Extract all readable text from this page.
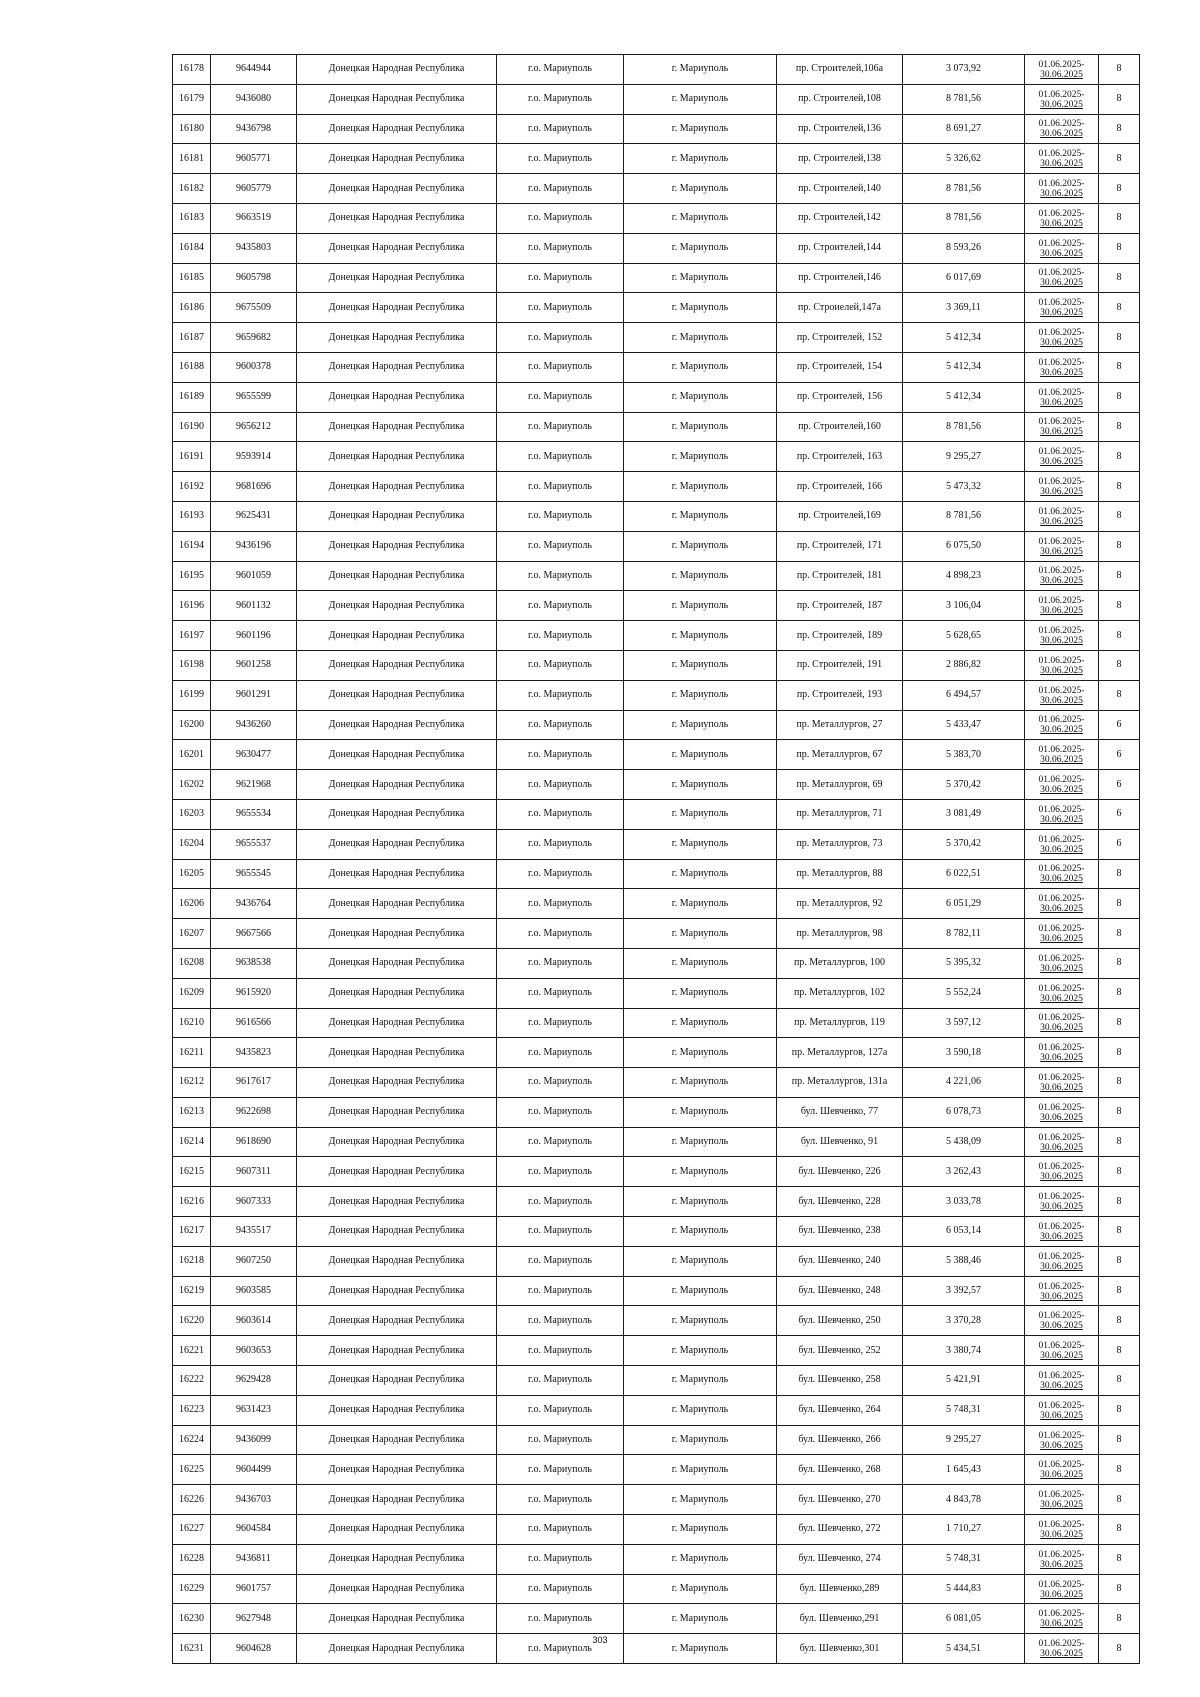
16178	9644944	Донецкая Народная Республика	г.о. Мариуполь	г. Мариуполь	пр. Строителей,106а	3 073,92	01.06.2025-
30.06.2025	8
16179	9436080	Донецкая Народная Республика	г.о. Мариуполь	г. Мариуполь	пр. Строителей,108	8 781,56	01.06.2025-
30.06.2025	8
16180	9436798	Донецкая Народная Республика	г.о. Мариуполь	г. Мариуполь	пр. Строителей,136	8 691,27	01.06.2025-
30.06.2025	8
16181	9605771	Донецкая Народная Республика	г.о. Мариуполь	г. Мариуполь	пр. Строителей,138	5 326,62	01.06.2025-
30.06.2025	8
16182	9605779	Донецкая Народная Республика	г.о. Мариуполь	г. Мариуполь	пр. Строителей,140	8 781,56	01.06.2025-
30.06.2025	8
16183	9663519	Донецкая Народная Республика	г.о. Мариуполь	г. Мариуполь	пр. Строителей,142	8 781,56	01.06.2025-
30.06.2025	8
16184	9435803	Донецкая Народная Республика	г.о. Мариуполь	г. Мариуполь	пр. Строителей,144	8 593,26	01.06.2025-
30.06.2025	8
16185	9605798	Донецкая Народная Республика	г.о. Мариуполь	г. Мариуполь	пр. Строителей,146	6 017,69	01.06.2025-
30.06.2025	8
16186	9675509	Донецкая Народная Республика	г.о. Мариуполь	г. Мариуполь	пр. Строиелей,147а	3 369,11	01.06.2025-
30.06.2025	8
16187	9659682	Донецкая Народная Республика	г.о. Мариуполь	г. Мариуполь	пр. Строителей, 152	5 412,34	01.06.2025-
30.06.2025	8
16188	9600378	Донецкая Народная Республика	г.о. Мариуполь	г. Мариуполь	пр. Строителей, 154	5 412,34	01.06.2025-
30.06.2025	8
16189	9655599	Донецкая Народная Республика	г.о. Мариуполь	г. Мариуполь	пр. Строителей, 156	5 412,34	01.06.2025-
30.06.2025	8
16190	9656212	Донецкая Народная Республика	г.о. Мариуполь	г. Мариуполь	пр. Строителей,160	8 781,56	01.06.2025-
30.06.2025	8
16191	9593914	Донецкая Народная Республика	г.о. Мариуполь	г. Мариуполь	пр. Строителей, 163	9 295,27	01.06.2025-
30.06.2025	8
16192	9681696	Донецкая Народная Республика	г.о. Мариуполь	г. Мариуполь	пр. Строителей, 166	5 473,32	01.06.2025-
30.06.2025	8
16193	9625431	Донецкая Народная Республика	г.о. Мариуполь	г. Мариуполь	пр. Строителей,169	8 781,56	01.06.2025-
30.06.2025	8
16194	9436196	Донецкая Народная Республика	г.о. Мариуполь	г. Мариуполь	пр. Строителей, 171	6 075,50	01.06.2025-
30.06.2025	8
16195	9601059	Донецкая Народная Республика	г.о. Мариуполь	г. Мариуполь	пр. Строителей, 181	4 898,23	01.06.2025-
30.06.2025	8
16196	9601132	Донецкая Народная Республика	г.о. Мариуполь	г. Мариуполь	пр. Строителей, 187	3 106,04	01.06.2025-
30.06.2025	8
16197	9601196	Донецкая Народная Республика	г.о. Мариуполь	г. Мариуполь	пр. Строителей, 189	5 628,65	01.06.2025-
30.06.2025	8
16198	9601258	Донецкая Народная Республика	г.о. Мариуполь	г. Мариуполь	пр. Строителей, 191	2 886,82	01.06.2025-
30.06.2025	8
16199	9601291	Донецкая Народная Республика	г.о. Мариуполь	г. Мариуполь	пр. Строителей, 193	6 494,57	01.06.2025-
30.06.2025	8
16200	9436260	Донецкая Народная Республика	г.о. Мариуполь	г. Мариуполь	пр. Металлургов, 27	5 433,47	01.06.2025-
30.06.2025	6
16201	9630477	Донецкая Народная Республика	г.о. Мариуполь	г. Мариуполь	пр. Металлургов, 67	5 383,70	01.06.2025-
30.06.2025	6
16202	9621968	Донецкая Народная Республика	г.о. Мариуполь	г. Мариуполь	пр. Металлургов, 69	5 370,42	01.06.2025-
30.06.2025	6
16203	9655534	Донецкая Народная Республика	г.о. Мариуполь	г. Мариуполь	пр. Металлургов, 71	3 081,49	01.06.2025-
30.06.2025	6
16204	9655537	Донецкая Народная Республика	г.о. Мариуполь	г. Мариуполь	пр. Металлургов, 73	5 370,42	01.06.2025-
30.06.2025	6
16205	9655545	Донецкая Народная Республика	г.о. Мариуполь	г. Мариуполь	пр. Металлургов, 88	6 022,51	01.06.2025-
30.06.2025	8
16206	9436764	Донецкая Народная Республика	г.о. Мариуполь	г. Мариуполь	пр. Металлургов, 92	6 051,29	01.06.2025-
30.06.2025	8
16207	9667566	Донецкая Народная Республика	г.о. Мариуполь	г. Мариуполь	пр. Металлургов, 98	8 782,11	01.06.2025-
30.06.2025	8
16208	9638538	Донецкая Народная Республика	г.о. Мариуполь	г. Мариуполь	пр. Металлургов, 100	5 395,32	01.06.2025-
30.06.2025	8
16209	9615920	Донецкая Народная Республика	г.о. Мариуполь	г. Мариуполь	пр. Металлургов, 102	5 552,24	01.06.2025-
30.06.2025	8
16210	9616566	Донецкая Народная Республика	г.о. Мариуполь	г. Мариуполь	пр. Металлургов, 119	3 597,12	01.06.2025-
30.06.2025	8
16211	9435823	Донецкая Народная Республика	г.о. Мариуполь	г. Мариуполь	пр. Металлургов, 127а	3 590,18	01.06.2025-
30.06.2025	8
16212	9617617	Донецкая Народная Республика	г.о. Мариуполь	г. Мариуполь	пр. Металлургов, 131а	4 221,06	01.06.2025-
30.06.2025	8
16213	9622698	Донецкая Народная Республика	г.о. Мариуполь	г. Мариуполь	бул. Шевченко, 77	6 078,73	01.06.2025-
30.06.2025	8
16214	9618690	Донецкая Народная Республика	г.о. Мариуполь	г. Мариуполь	бул. Шевченко, 91	5 438,09	01.06.2025-
30.06.2025	8
16215	9607311	Донецкая Народная Республика	г.о. Мариуполь	г. Мариуполь	бул. Шевченко, 226	3 262,43	01.06.2025-
30.06.2025	8
16216	9607333	Донецкая Народная Республика	г.о. Мариуполь	г. Мариуполь	бул. Шевченко, 228	3 033,78	01.06.2025-
30.06.2025	8
16217	9435517	Донецкая Народная Республика	г.о. Мариуполь	г. Мариуполь	бул. Шевченко, 238	6 053,14	01.06.2025-
30.06.2025	8
16218	9607250	Донецкая Народная Республика	г.о. Мариуполь	г. Мариуполь	бул. Шевченко, 240	5 388,46	01.06.2025-
30.06.2025	8
16219	9603585	Донецкая Народная Республика	г.о. Мариуполь	г. Мариуполь	бул. Шевченко, 248	3 392,57	01.06.2025-
30.06.2025	8
16220	9603614	Донецкая Народная Республика	г.о. Мариуполь	г. Мариуполь	бул. Шевченко, 250	3 370,28	01.06.2025-
30.06.2025	8
16221	9603653	Донецкая Народная Республика	г.о. Мариуполь	г. Мариуполь	бул. Шевченко, 252	3 380,74	01.06.2025-
30.06.2025	8
16222	9629428	Донецкая Народная Республика	г.о. Мариуполь	г. Мариуполь	бул. Шевченко, 258	5 421,91	01.06.2025-
30.06.2025	8
16223	9631423	Донецкая Народная Республика	г.о. Мариуполь	г. Мариуполь	бул. Шевченко, 264	5 748,31	01.06.2025-
30.06.2025	8
16224	9436099	Донецкая Народная Республика	г.о. Мариуполь	г. Мариуполь	бул. Шевченко, 266	9 295,27	01.06.2025-
30.06.2025	8
16225	9604499	Донецкая Народная Республика	г.о. Мариуполь	г. Мариуполь	бул. Шевченко, 268	1 645,43	01.06.2025-
30.06.2025	8
16226	9436703	Донецкая Народная Республика	г.о. Мариуполь	г. Мариуполь	бул. Шевченко, 270	4 843,78	01.06.2025-
30.06.2025	8
16227	9604584	Донецкая Народная Республика	г.о. Мариуполь	г. Мариуполь	бул. Шевченко, 272	1 710,27	01.06.2025-
30.06.2025	8
16228	9436811	Донецкая Народная Республика	г.о. Мариуполь	г. Мариуполь	бул. Шевченко, 274	5 748,31	01.06.2025-
30.06.2025	8
16229	9601757	Донецкая Народная Республика	г.о. Мариуполь	г. Мариуполь	бул. Шевченко,289	5 444,83	01.06.2025-
30.06.2025	8
16230	9627948	Донецкая Народная Республика	г.о. Мариуполь	г. Мариуполь	бул. Шевченко,291	6 081,05	01.06.2025-
30.06.2025	8
16231	9604628	Донецкая Народная Республика	г.о. Мариуполь	г. Мариуполь	бул. Шевченко,301	5 434,51	01.06.2025-
30.06.2025	8
303
